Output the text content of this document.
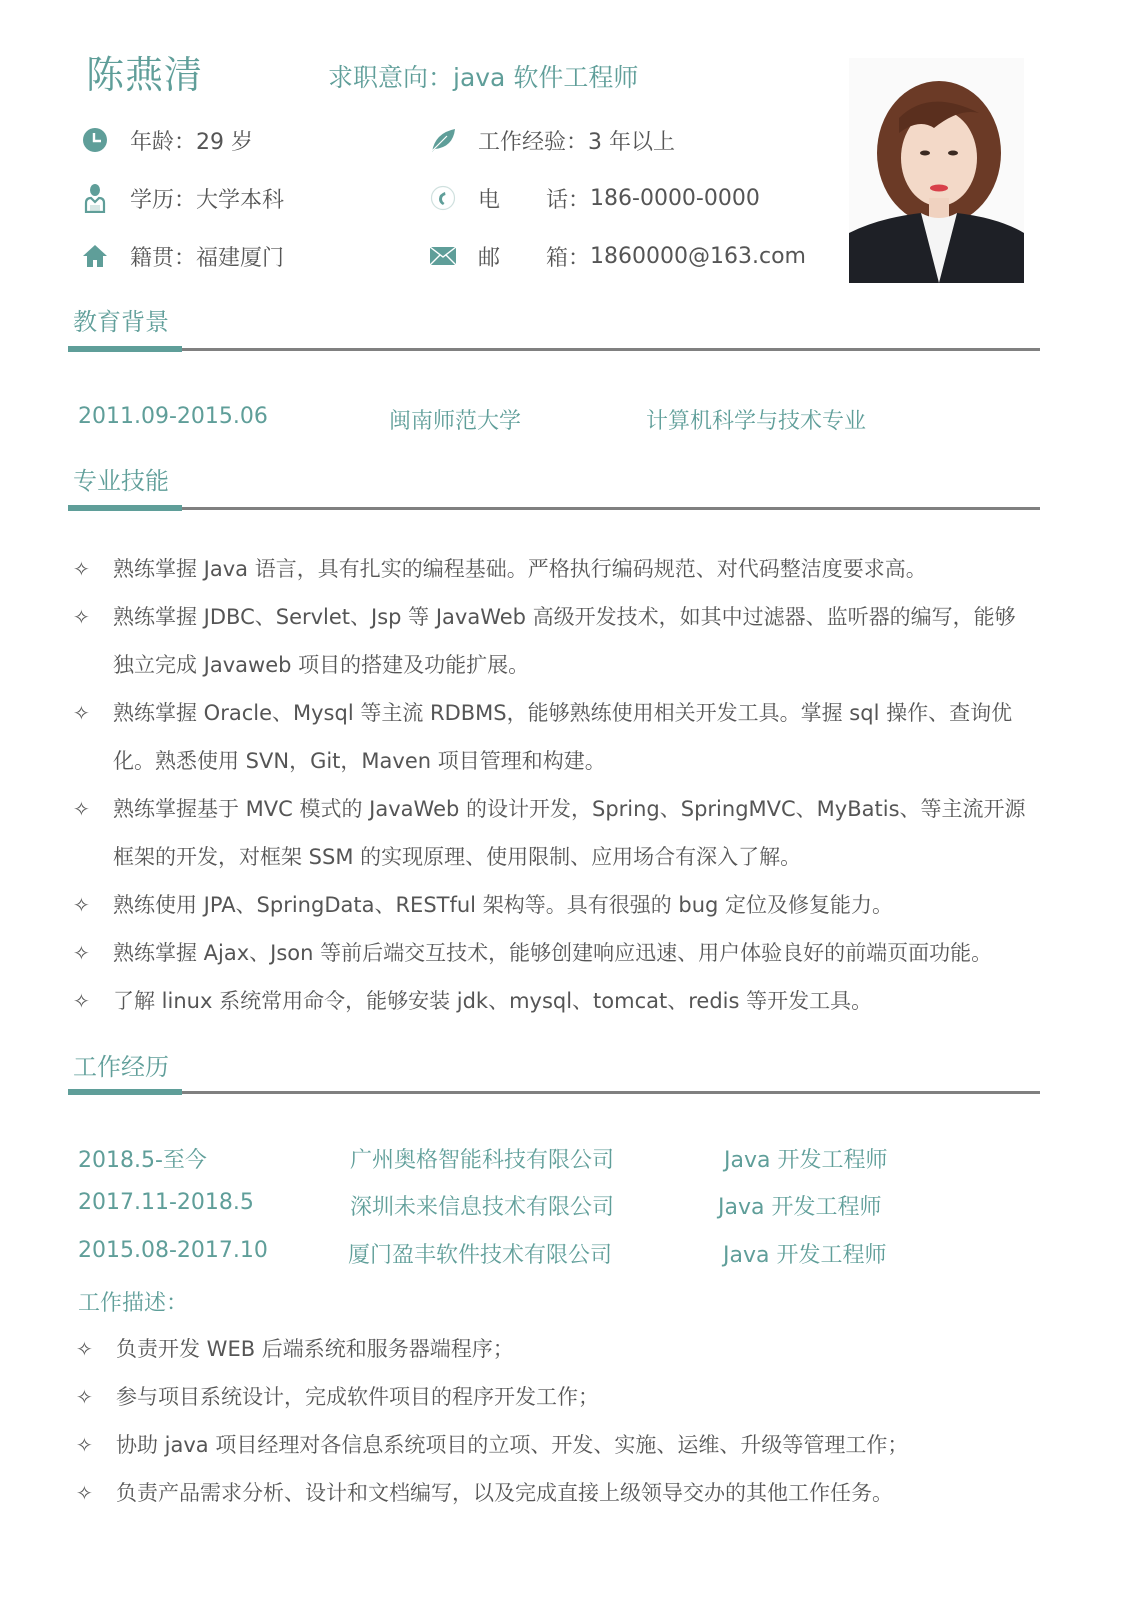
陈燕清	求职意向：java 软件工程师
年龄： 29 岁
学历： 大学本科
籍贯： 福建厦门
工作经验： 3 年以上
电	话： 186-0000-0000
邮	箱： 1860000@163.com
教育背景
2011.09-2015.06	闽南师范大学	计算机科学与技术专业
专业技能
✧	熟练掌握 Java 语言，具有扎实的编程基础。严格执行编码规范、对代码整洁度要求高。
✧	熟练掌握 JDBC、Servlet、Jsp 等 JavaWeb 高级开发技术，如其中过滤器、监听器的编写，能够独立完成 Javaweb 项目的搭建及功能扩展。
✧	熟练掌握 Oracle、Mysql 等主流 RDBMS，能够熟练使用相关开发工具。掌握 sql 操作、查询优化。熟悉使用 SVN，Git，Maven 项目管理和构建。
✧	熟练掌握基于 MVC 模式的 JavaWeb 的设计开发，Spring、SpringMVC、MyBatis、等主流开源框架的开发，对框架 SSM 的实现原理、使用限制、应用场合有深入了解。
✧	熟练使用 JPA、SpringData、RESTful 架构等。具有很强的 bug 定位及修复能力。
✧	熟练掌握 Ajax、Json 等前后端交互技术，能够创建响应迅速、用户体验良好的前端页面功能。
✧	了解 linux 系统常用命令，能够安装 jdk、mysql、tomcat、redis 等开发工具。
工作经历
2018.5-至今	广州奥格智能科技有限公司	Java 开发工程师
2017.11-2018.5	深圳未来信息技术有限公司	Java 开发工程师
2015.08-2017.10	厦门盈丰软件技术有限公司	Java 开发工程师
工作描述：
✧	负责开发 WEB 后端系统和服务器端程序；
✧	参与项目系统设计，完成软件项目的程序开发工作；
✧	协助 java 项目经理对各信息系统项目的立项、开发、实施、运维、升级等管理工作；
✧	负责产品需求分析、设计和文档编写，以及完成直接上级领导交办的其他工作任务。
